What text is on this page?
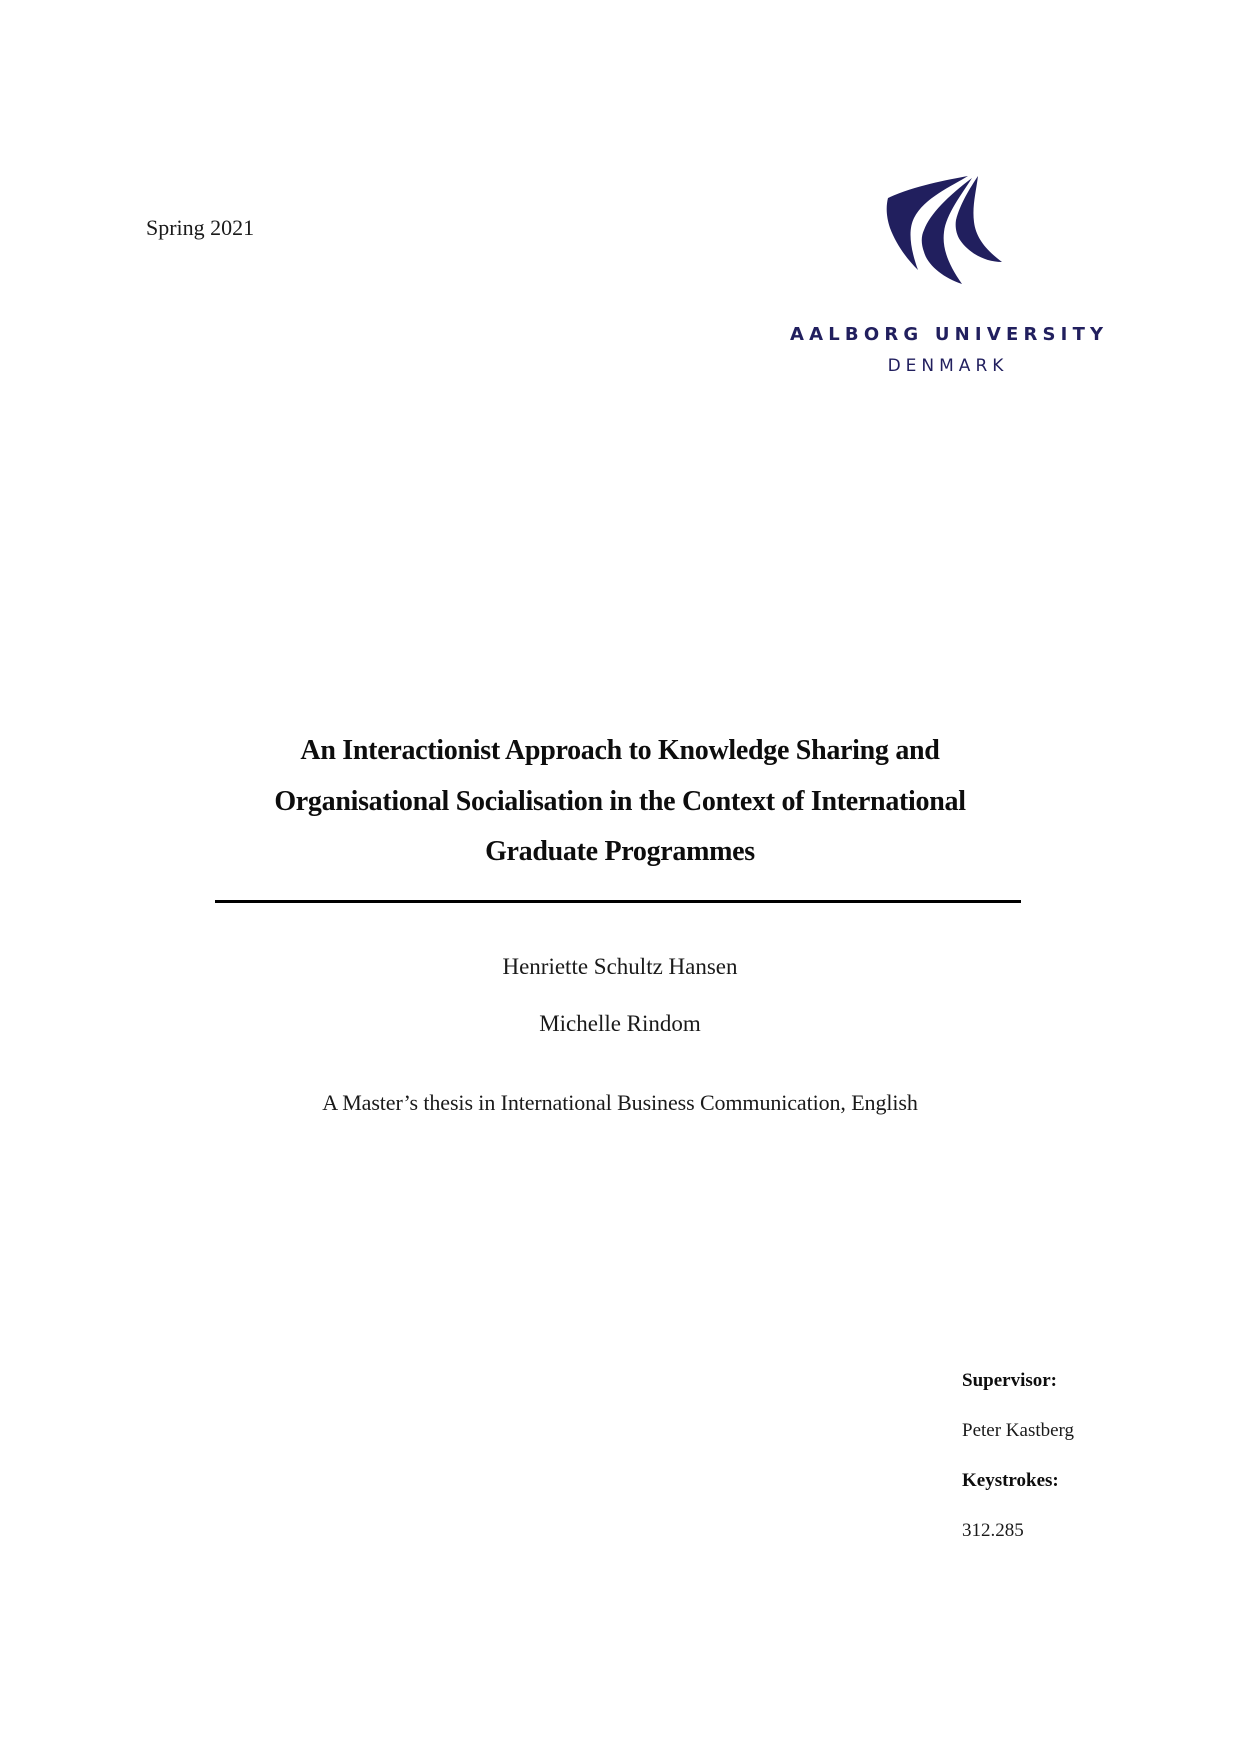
Spring 2021
AALBORG UNIVERSITY
DENMARK
An Interactionist Approach to Knowledge Sharing and
Organisational Socialisation in the Context of International
Graduate Programmes
Henriette Schultz Hansen
Michelle Rindom
A Master’s thesis in International Business Communication, English
Supervisor:
Peter Kastberg
Keystrokes:
312.285
